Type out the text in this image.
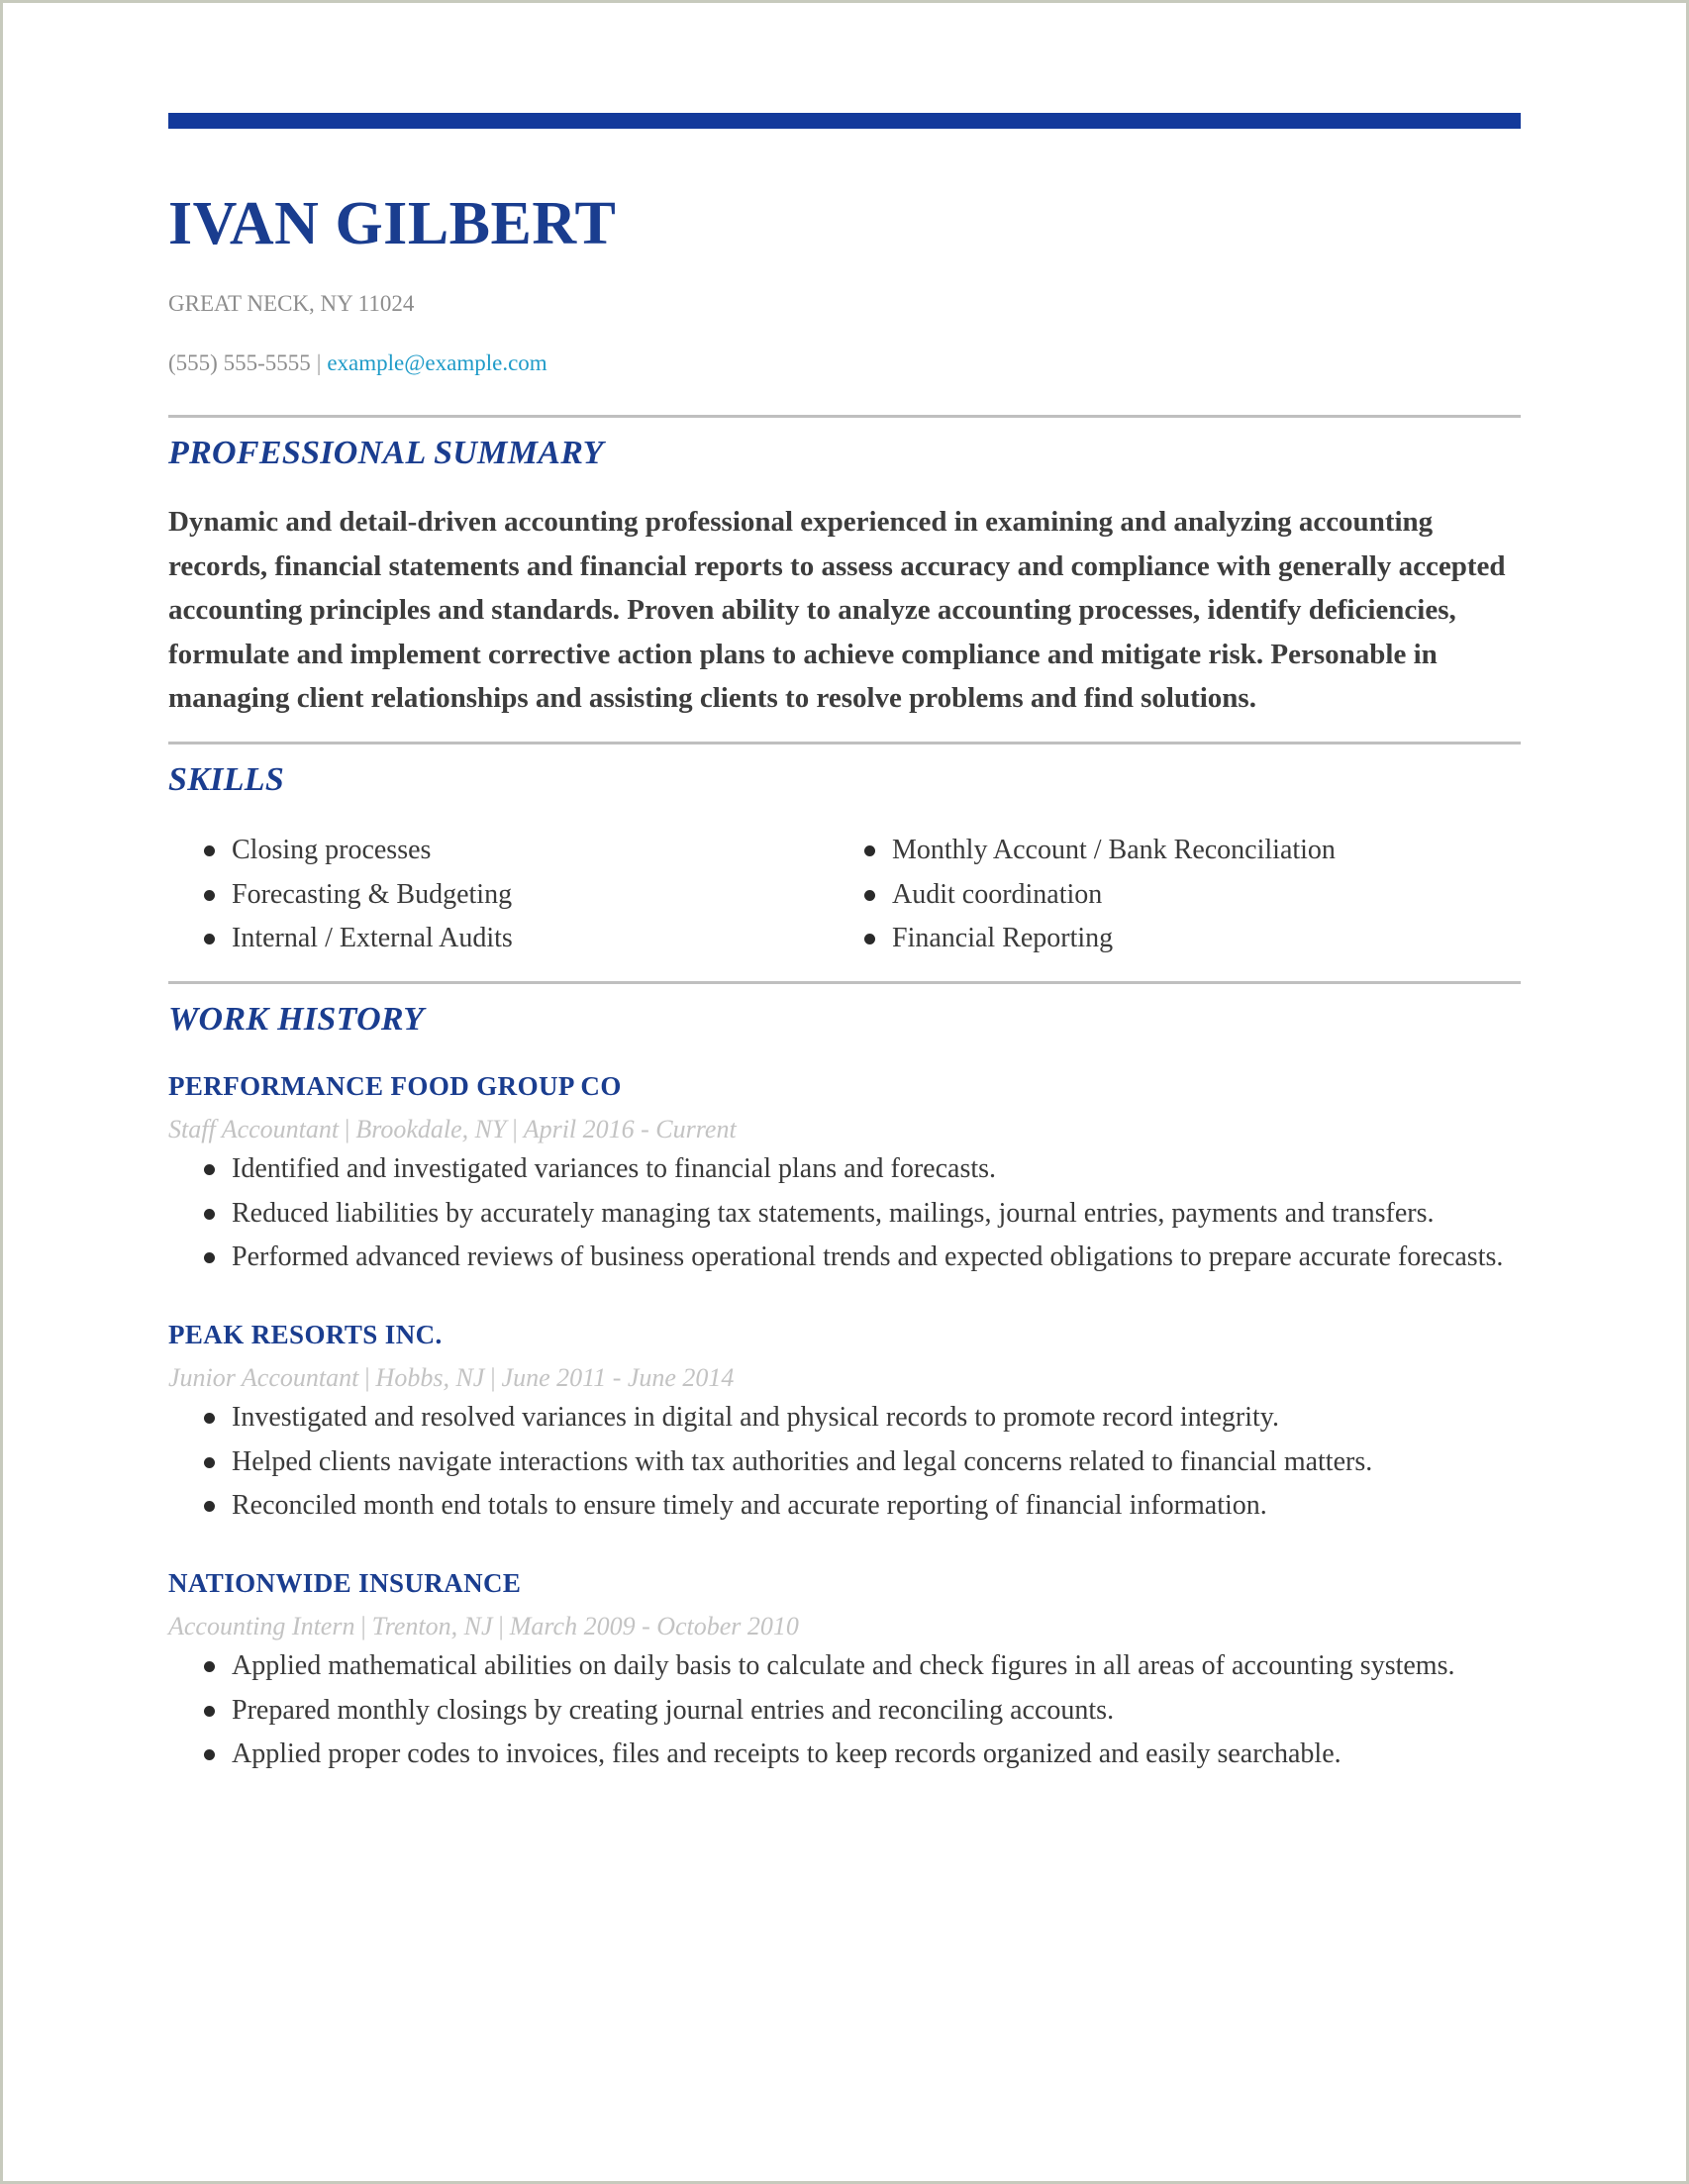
IVAN GILBERT
GREAT NECK, NY 11024
(555) 555-5555 | example@example.com
PROFESSIONAL SUMMARY
Dynamic and detail-driven accounting professional experienced in examining and analyzing accounting records, financial statements and financial reports to assess accuracy and compliance with generally accepted accounting principles and standards. Proven ability to analyze accounting processes, identify deficiencies, formulate and implement corrective action plans to achieve compliance and mitigate risk. Personable in managing client relationships and assisting clients to resolve problems and find solutions.
SKILLS
Closing processes
Forecasting & Budgeting
Internal / External Audits
Monthly Account / Bank Reconciliation
Audit coordination
Financial Reporting
WORK HISTORY
PERFORMANCE FOOD GROUP CO
Staff Accountant | Brookdale, NY | April 2016 - Current
Identified and investigated variances to financial plans and forecasts.
Reduced liabilities by accurately managing tax statements, mailings, journal entries, payments and transfers.
Performed advanced reviews of business operational trends and expected obligations to prepare accurate forecasts.
PEAK RESORTS INC.
Junior Accountant | Hobbs, NJ | June 2011 - June 2014
Investigated and resolved variances in digital and physical records to promote record integrity.
Helped clients navigate interactions with tax authorities and legal concerns related to financial matters.
Reconciled month end totals to ensure timely and accurate reporting of financial information.
NATIONWIDE INSURANCE
Accounting Intern | Trenton, NJ | March 2009 - October 2010
Applied mathematical abilities on daily basis to calculate and check figures in all areas of accounting systems.
Prepared monthly closings by creating journal entries and reconciling accounts.
Applied proper codes to invoices, files and receipts to keep records organized and easily searchable.
